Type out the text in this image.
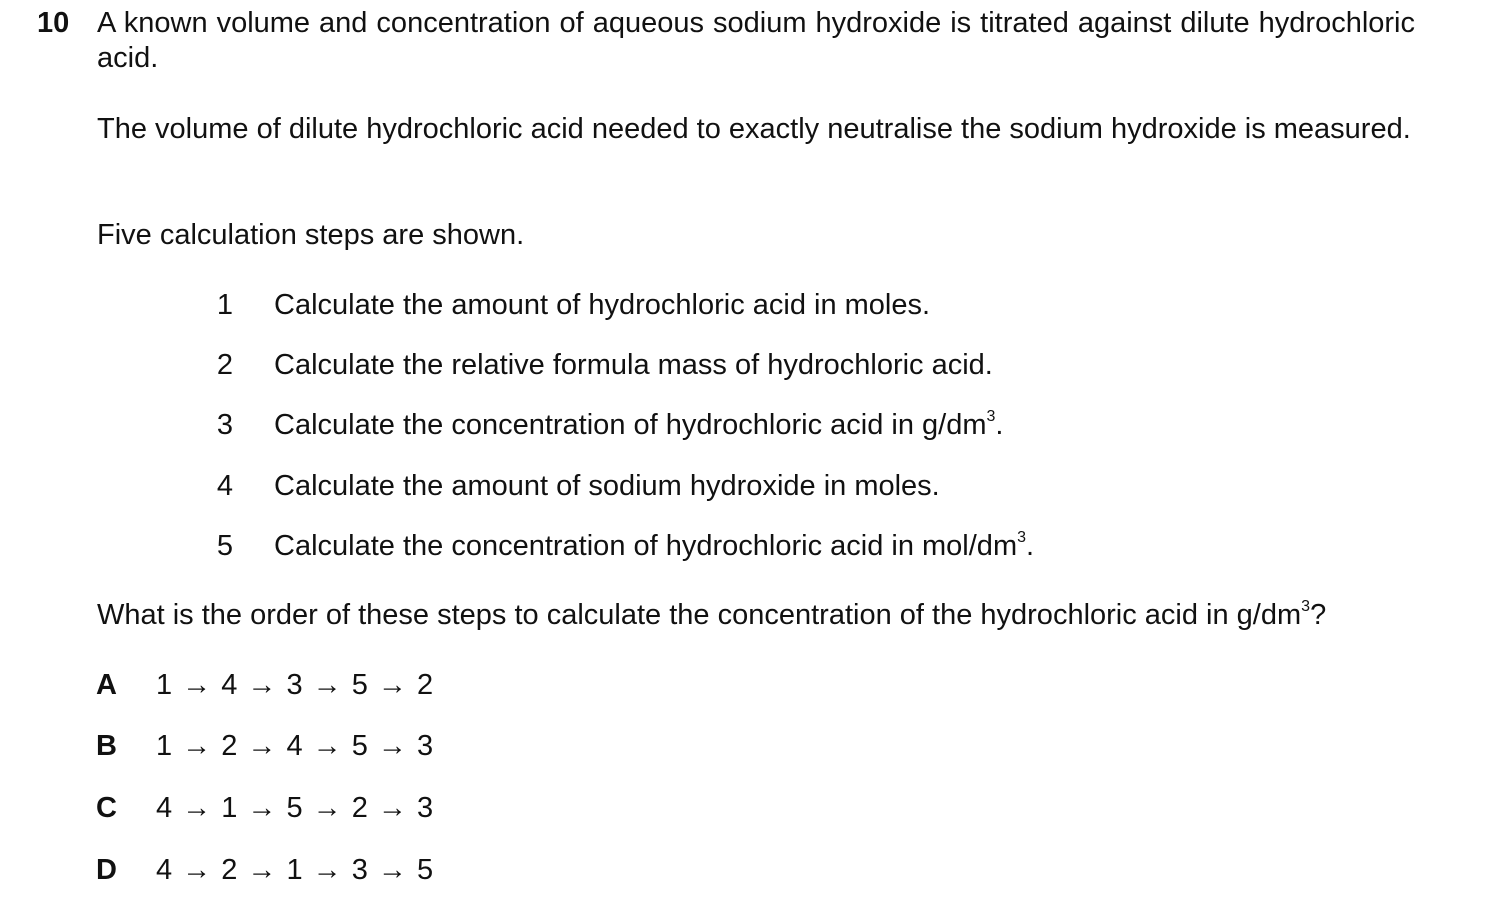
10 A known volume and concentration of aqueous sodium hydroxide is titrated against dilute hydrochloric acid.
The volume of dilute hydrochloric acid needed to exactly neutralise the sodium hydroxide is measured.
Five calculation steps are shown.
1 Calculate the amount of hydrochloric acid in moles.
2 Calculate the relative formula mass of hydrochloric acid.
3 Calculate the concentration of hydrochloric acid in $g/dm^3$.
4 Calculate the amount of sodium hydroxide in moles.
5 Calculate the concentration of hydrochloric acid in mol/$dm^3$.
What is the order of these steps to calculate the concentration of the hydrochloric acid in $g/dm^3$?
A 1 → 4 → 3 → 5 → 2
B 1 → 2 → 4 → 5 → 3
C 4 → 1 → 5 → 2 → 3
D 4 → 2 → 1 → 3 → 5
